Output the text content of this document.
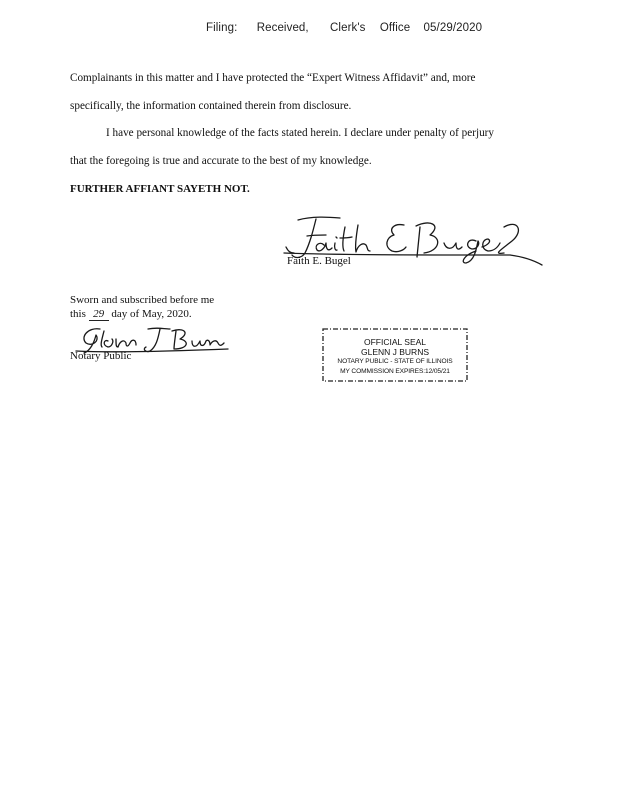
Filing: Received, Clerk's Office 05/29/2020
Complainants in this matter and I have protected the “Expert Witness Affidavit” and, more
specifically, the information contained therein from disclosure.
I have personal knowledge of the facts stated herein. I declare under penalty of perjury
that the foregoing is true and accurate to the best of my knowledge.
FURTHER AFFIANT SAYETH NOT.
Faith E. Bugel
Sworn and subscribed before me
this 29 day of May, 2020.
Notary Public
OFFICIAL SEAL
GLENN J BURNS
NOTARY PUBLIC - STATE OF ILLINOIS
MY COMMISSION EXPIRES:12/05/21
